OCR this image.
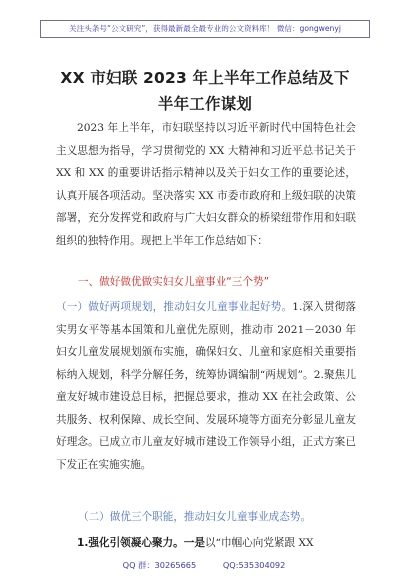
关注头条号“公文研究”，获得最新最全最专业的公文资料库！ 微信：gongwenyj
XX 市妇联 2023 年上半年工作总结及下
半年工作谋划
2023 年上半年，市妇联坚持以习近平新时代中国特色社会主义思想为指导，学习贯彻党的 XX 大精神和习近平总书记关于 XX 和 XX 的重要讲话指示精神以及关于妇女工作的重要论述，认真开展各项活动。坚决落实 XX 市委市政府和上级妇联的决策部署，充分发挥党和政府与广大妇女群众的桥梁纽带作用和妇联组织的独特作用。现把上半年工作总结如下：
一、做好做优做实妇女儿童事业“三个势”
（一）做好两项规划，推动妇女儿童事业起好势。1.深入贯彻落实男女平等基本国策和儿童优先原则，推动市 2021－2030 年妇女儿童发展规划颁布实施，确保妇女、儿童和家庭相关重要指标纳入规划，科学分解任务，统筹协调编制“两规划”。2.聚焦儿童友好城市建设总目标，把握总要求，推动 XX 在社会政策、公共服务、权利保障、成长空间、发展环境等方面充分彰显儿童友好理念。已成立市儿童友好城市建设工作领导小组，正式方案已下发正在实施实施。
（二）做优三个职能，推动妇女儿童事业成态势。
1.强化引领凝心聚力。一是以“巾帼心向党紧跟 XX
QQ 群：30265665	QQ:535304092
